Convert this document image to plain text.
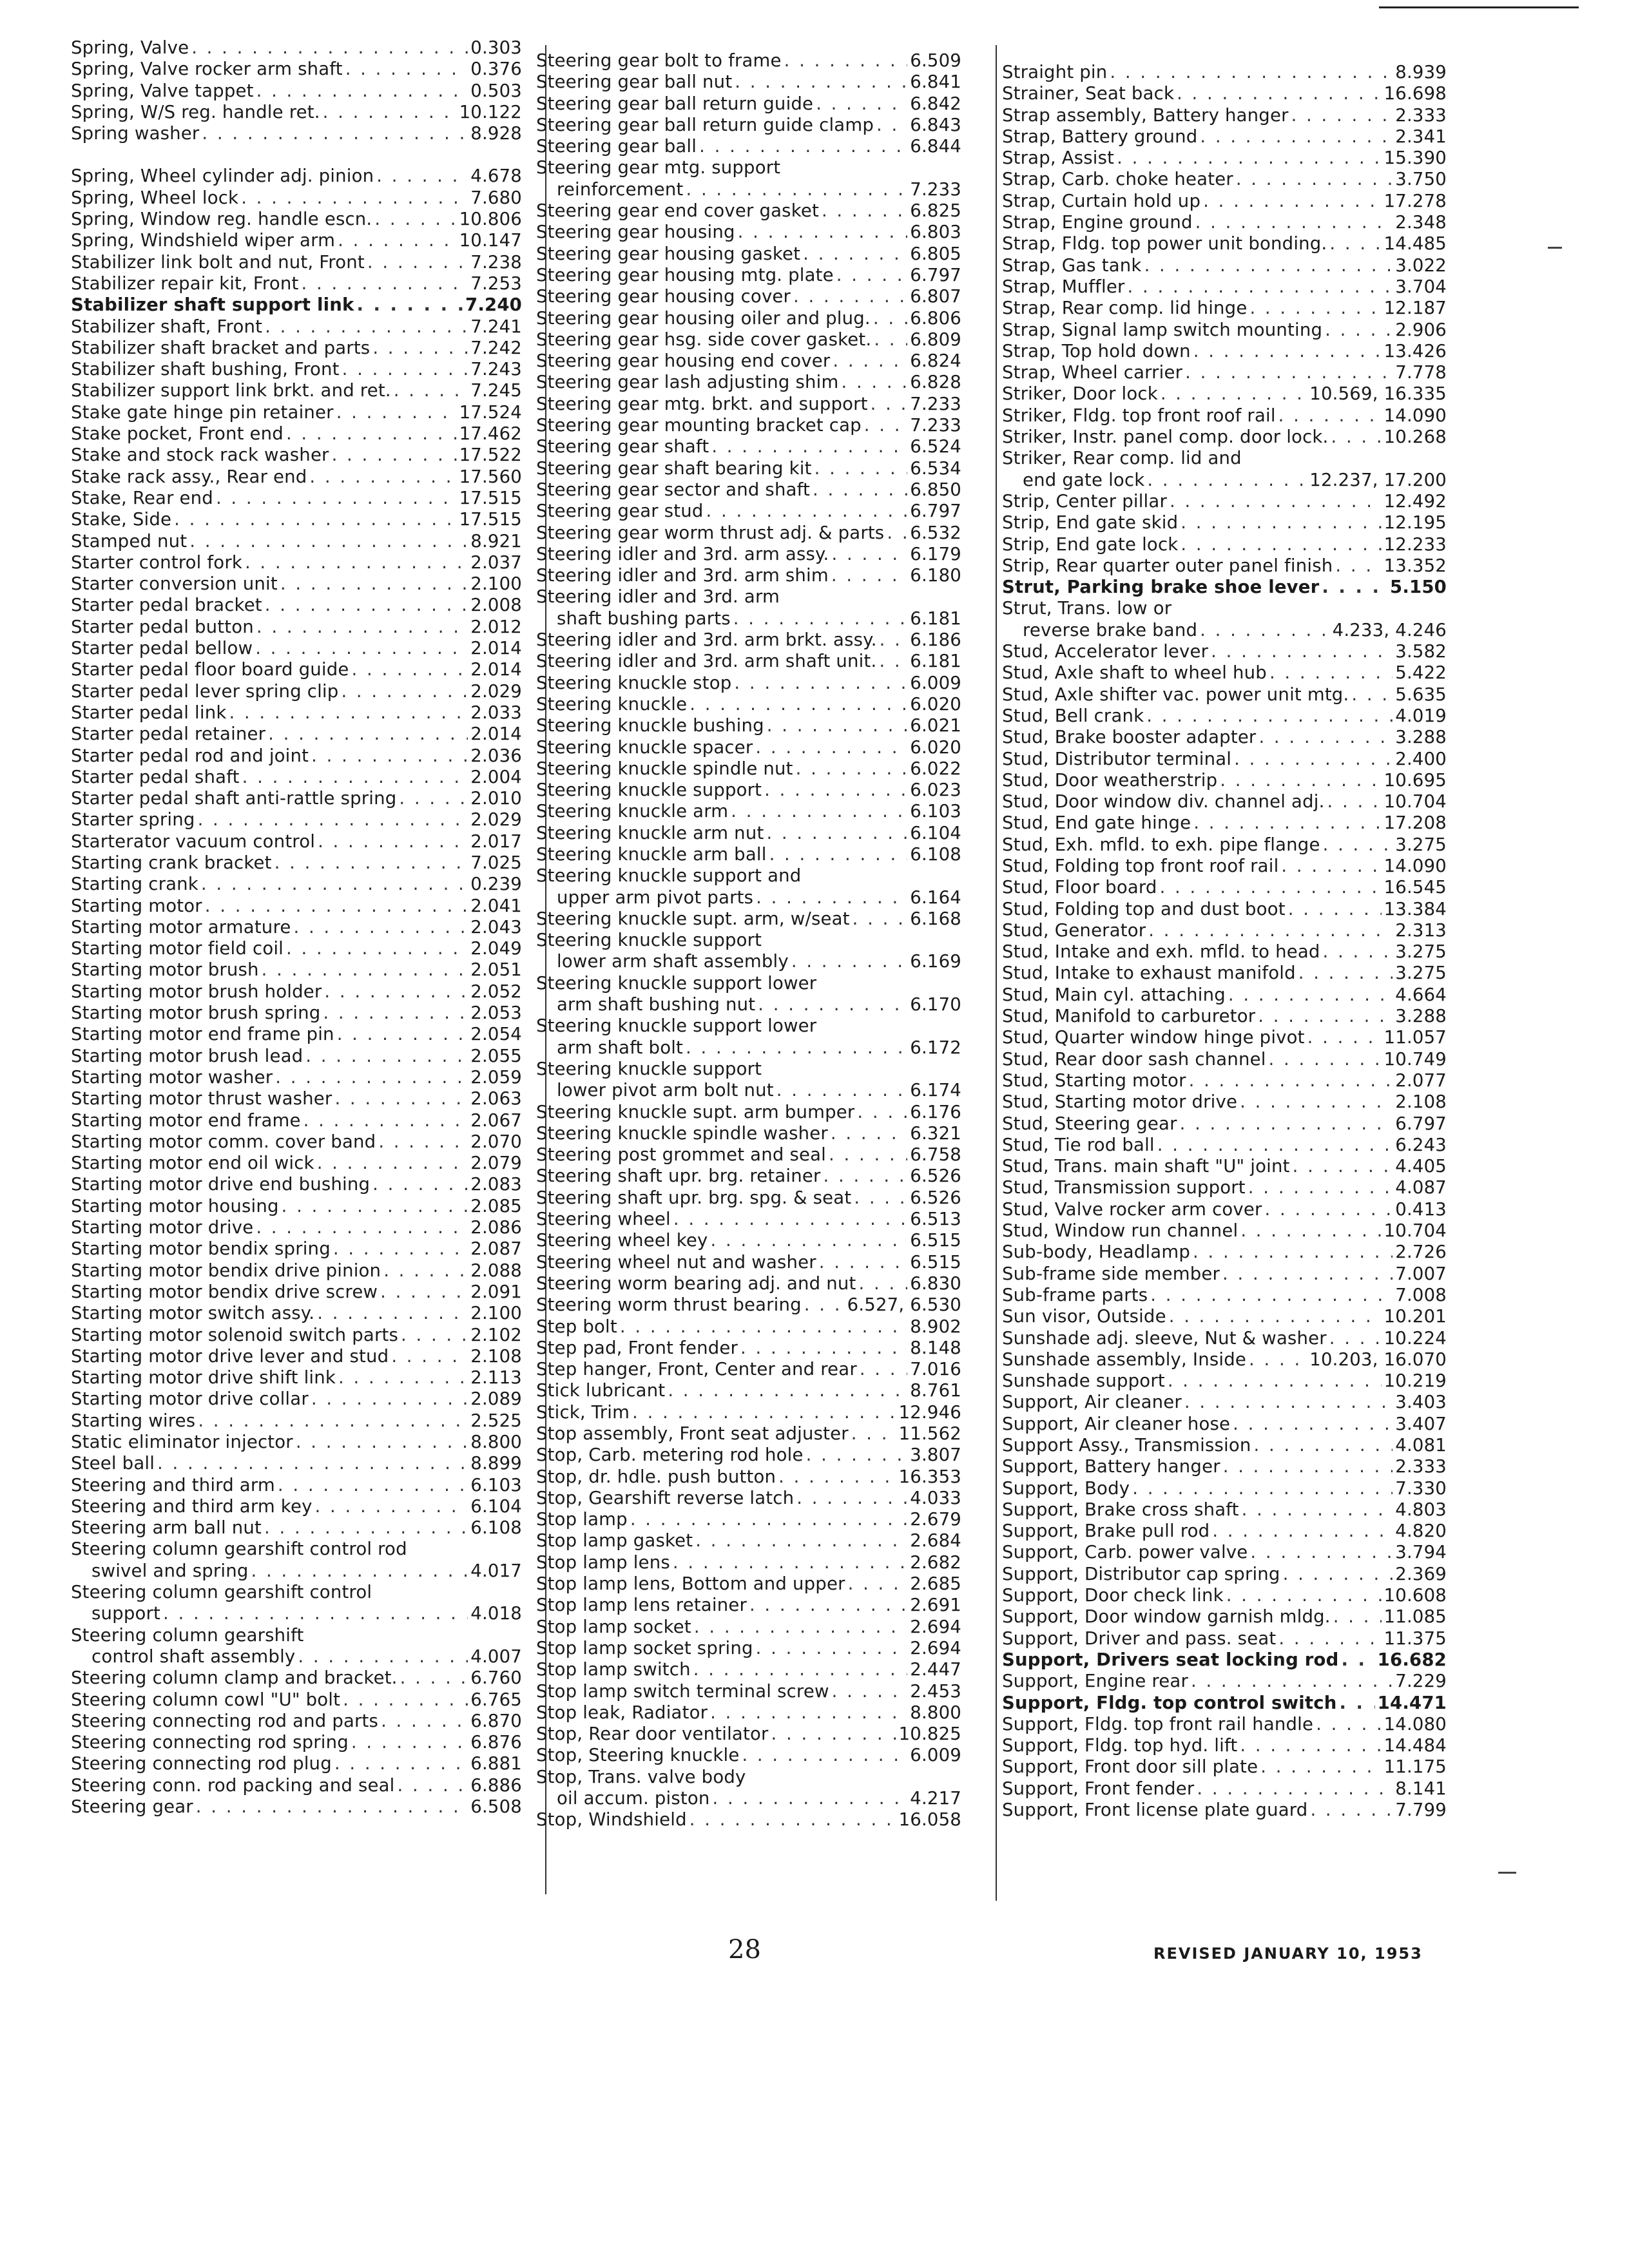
Spring, Valve . . .	0.303
Spring, Valve rocker arm shaft . . .	0.376
Spring, Valve tappet . . .	0.503
Spring, W/S reg. handle ret. . . .	10.122
Spring washer . . .	8.928
Spring, Wheel cylinder adj. pinion . . .	4.678
Spring, Wheel lock . . .	7.680
Spring, Window reg. handle escn. . . .	10.806
Spring, Windshield wiper arm . . .	10.147
Stabilizer link bolt and nut, Front . . .	7.238
Stabilizer repair kit, Front . . .	7.253
Stabilizer shaft support link . . .	7.240
Stabilizer shaft, Front . . .	7.241
Stabilizer shaft bracket and parts . . .	7.242
Stabilizer shaft bushing, Front . . .	7.243
Stabilizer support link brkt. and ret. . . .	7.245
Stake gate hinge pin retainer . . .	17.524
Stake pocket, Front end . . .	17.462
Stake and stock rack washer . . .	17.522
Stake rack assy., Rear end . . .	17.560
Stake, Rear end . . .	17.515
Stake, Side . . .	17.515
Stamped nut . . .	8.921
Starter control fork . . .	2.037
Starter conversion unit . . .	2.100
Starter pedal bracket . . .	2.008
Starter pedal button . . .	2.012
Starter pedal bellow . . .	2.014
Starter pedal floor board guide . . .	2.014
Starter pedal lever spring clip . . .	2.029
Starter pedal link . . .	2.033
Starter pedal retainer . . .	2.014
Starter pedal rod and joint . . .	2.036
Starter pedal shaft . . .	2.004
Starter pedal shaft anti-rattle spring . . .	2.010
Starter spring . . .	2.029
Starterator vacuum control . . .	2.017
Starting crank bracket . . .	7.025
Starting crank . . .	0.239
Starting motor . . .	2.041
Starting motor armature . . .	2.043
Starting motor field coil . . .	2.049
Starting motor brush . . .	2.051
Starting motor brush holder . . .	2.052
Starting motor brush spring . . .	2.053
Starting motor end frame pin . . .	2.054
Starting motor brush lead . . .	2.055
Starting motor washer . . .	2.059
Starting motor thrust washer . . .	2.063
Starting motor end frame . . .	2.067
Starting motor comm. cover band . . .	2.070
Starting motor end oil wick . . .	2.079
Starting motor drive end bushing . . .	2.083
Starting motor housing . . .	2.085
Starting motor drive . . .	2.086
Starting motor bendix spring . . .	2.087
Starting motor bendix drive pinion . . .	2.088
Starting motor bendix drive screw . . .	2.091
Starting motor switch assy. . . .	2.100
Starting motor solenoid switch parts . . .	2.102
Starting motor drive lever and stud . . .	2.108
Starting motor drive shift link . . .	2.113
Starting motor drive collar . . .	2.089
Starting wires . . .	2.525
Static eliminator injector . . .	8.800
Steel ball . . .	8.899
Steering and third arm . . .	6.103
Steering and third arm key . . .	6.104
Steering arm ball nut . . .	6.108
Steering column gearshift control rod
swivel and spring . . .	4.017
Steering column gearshift control
support . . .	4.018
Steering column gearshift
control shaft assembly . . .	4.007
Steering column clamp and bracket. . . .	6.760
Steering column cowl "U" bolt . . .	6.765
Steering connecting rod and parts . . .	6.870
Steering connecting rod spring . . .	6.876
Steering connecting rod plug . . .	6.881
Steering conn. rod packing and seal . . .	6.886
Steering gear . . .	6.508
Steering gear bolt to frame . . .	6.509
Steering gear ball nut . . .	6.841
Steering gear ball return guide . . .	6.842
Steering gear ball return guide clamp . . . 6.843
Steering gear ball . . .	6.844
Steering gear mtg. support
reinforcement . . .	7.233
Steering gear end cover gasket . . .	6.825
Steering gear housing . . .	6.803
Steering gear housing gasket . . .	6.805
Steering gear housing mtg. plate . . .	6.797
Steering gear housing cover . . .	6.807
Steering gear housing oiler and plug. . . . 6.806
Steering gear hsg. side cover gasket. . . . 6.809
Steering gear housing end cover . . .	6.824
Steering gear lash adjusting shim . . .	6.828
Steering gear mtg. brkt. and support . . . 7.233
Steering gear mounting bracket cap . . .	7.233
Steering gear shaft . . .	6.524
Steering gear shaft bearing kit . . .	6.534
Steering gear sector and shaft . . .	6.850
Steering gear stud . . .	6.797
Steering gear worm thrust adj. & parts . . . 6.532
Steering idler and 3rd. arm assy. . . .	6.179
Steering idler and 3rd. arm shim . . .	6.180
Steering idler and 3rd. arm
shaft bushing parts . . .	6.181
Steering idler and 3rd. arm brkt. assy. . . . 6.186
Steering idler and 3rd. arm shaft unit. . . . 6.181
Steering knuckle stop . . .	6.009
Steering knuckle . . .	6.020
Steering knuckle bushing . . .	6.021
Steering knuckle spacer . . .	6.020
Steering knuckle spindle nut . . .	6.022
Steering knuckle support . . .	6.023
Steering knuckle arm . . .	6.103
Steering knuckle arm nut . . .	6.104
Steering knuckle arm ball . . .	6.108
Steering knuckle support and
upper arm pivot parts . . .	6.164
Steering knuckle supt. arm, w/seat . . .	6.168
Steering knuckle support
lower arm shaft assembly . . .	6.169
Steering knuckle support lower
arm shaft bushing nut . . .	6.170
Steering knuckle support lower
arm shaft bolt . . .	6.172
Steering knuckle support
lower pivot arm bolt nut . . .	6.174
Steering knuckle supt. arm bumper . . .	6.176
Steering knuckle spindle washer . . .	6.321
Steering post grommet and seal . . .	6.758
Steering shaft upr. brg. retainer . . .	6.526
Steering shaft upr. brg. spg. & seat . . .	6.526
Steering wheel . . .	6.513
Steering wheel key . . .	6.515
Steering wheel nut and washer . . .	6.515
Steering worm bearing adj. and nut . . .	6.830
Steering worm thrust bearing . . .	6.527, 6.530
Step bolt . . .	8.902
Step pad, Front fender . . .	8.148
Step hanger, Front, Center and rear . . .	7.016
Stick lubricant . . .	8.761
Stick, Trim . . .	12.946
Stop assembly, Front seat adjuster . . .	11.562
Stop, Carb. metering rod hole . . .	3.807
Stop, dr. hdle. push button . . .	16.353
Stop, Gearshift reverse latch . . .	4.033
Stop lamp . . .	2.679
Stop lamp gasket . . .	2.684
Stop lamp lens . . .	2.682
Stop lamp lens, Bottom and upper . . .	2.685
Stop lamp lens retainer . . .	2.691
Stop lamp socket . . .	2.694
Stop lamp socket spring . . .	2.694
Stop lamp switch . . .	2.447
Stop lamp switch terminal screw . . .	2.453
Stop leak, Radiator . . .	8.800
Stop, Rear door ventilator . . .	10.825
Stop, Steering knuckle . . .	6.009
Stop, Trans. valve body
oil accum. piston . . .	4.217
Stop, Windshield . . .	16.058
Straight pin . . .	8.939
Strainer, Seat back . . .	16.698
Strap assembly, Battery hanger . . .	2.333
Strap, Battery ground . . .	2.341
Strap, Assist . . .	15.390
Strap, Carb. choke heater . . .	3.750
Strap, Curtain hold up . . .	17.278
Strap, Engine ground . . .	2.348
Strap, Fldg. top power unit bonding. . . .	14.485
Strap, Gas tank . . .	3.022
Strap, Muffler . . .	3.704
Strap, Rear comp. lid hinge . . .	12.187
Strap, Signal lamp switch mounting . . .	2.906
Strap, Top hold down . . .	13.426
Strap, Wheel carrier . . .	7.778
Striker, Door lock . . .	10.569, 16.335
Striker, Fldg. top front roof rail . . .	14.090
Striker, Instr. panel comp. door lock. . . .	10.268
Striker, Rear comp. lid and
end gate lock . . .	12.237, 17.200
Strip, Center pillar . . .	12.492
Strip, End gate skid . . .	12.195
Strip, End gate lock . . .	12.233
Strip, Rear quarter outer panel finish . . .	13.352
Strut, Parking brake shoe lever . . .	5.150
Strut, Trans. low or
reverse brake band . . .	4.233, 4.246
Stud, Accelerator lever . . .	3.582
Stud, Axle shaft to wheel hub . . .	5.422
Stud, Axle shifter vac. power unit mtg. . . .	5.635
Stud, Bell crank . . .	4.019
Stud, Brake booster adapter . . .	3.288
Stud, Distributor terminal . . .	2.400
Stud, Door weatherstrip . . .	10.695
Stud, Door window div. channel adj. . . .	10.704
Stud, End gate hinge . . .	17.208
Stud, Exh. mfld. to exh. pipe flange . . .	3.275
Stud, Folding top front roof rail . . .	14.090
Stud, Floor board . . .	16.545
Stud, Folding top and dust boot . . .	13.384
Stud, Generator . . .	2.313
Stud, Intake and exh. mfld. to head . . .	3.275
Stud, Intake to exhaust manifold . . .	3.275
Stud, Main cyl. attaching . . .	4.664
Stud, Manifold to carburetor . . .	3.288
Stud, Quarter window hinge pivot . . .	11.057
Stud, Rear door sash channel . . .	10.749
Stud, Starting motor . . .	2.077
Stud, Starting motor drive . . .	2.108
Stud, Steering gear . . .	6.797
Stud, Tie rod ball . . .	6.243
Stud, Trans. main shaft "U" joint . . .	4.405
Stud, Transmission support . . .	4.087
Stud, Valve rocker arm cover . . .	0.413
Stud, Window run channel . . .	10.704
Sub-body, Headlamp . . .	2.726
Sub-frame side member . . .	7.007
Sub-frame parts . . .	7.008
Sun visor, Outside . . .	10.201
Sunshade adj. sleeve, Nut & washer . . .	10.224
Sunshade assembly, Inside . . .	10.203, 16.070
Sunshade support . . .	10.219
Support, Air cleaner . . .	3.403
Support, Air cleaner hose . . .	3.407
Support Assy., Transmission . . .	4.081
Support, Battery hanger . . .	2.333
Support, Body . . .	7.330
Support, Brake cross shaft . . .	4.803
Support, Brake pull rod . . .	4.820
Support, Carb. power valve . . .	3.794
Support, Distributor cap spring . . .	2.369
Support, Door check link . . .	10.608
Support, Door window garnish mldg. . . .	11.085
Support, Driver and pass. seat . . .	11.375
Support, Drivers seat locking rod . . . 16.682
Support, Engine rear . . .	7.229
Support, Fldg. top control switch . . . 14.471
Support, Fldg. top front rail handle . . .	14.080
Support, Fldg. top hyd. lift . . .	14.484
Support, Front door sill plate . . .	11.175
Support, Front fender . . .	8.141
Support, Front license plate guard . . .	7.799
28	REVISED JANUARY 10, 1953
